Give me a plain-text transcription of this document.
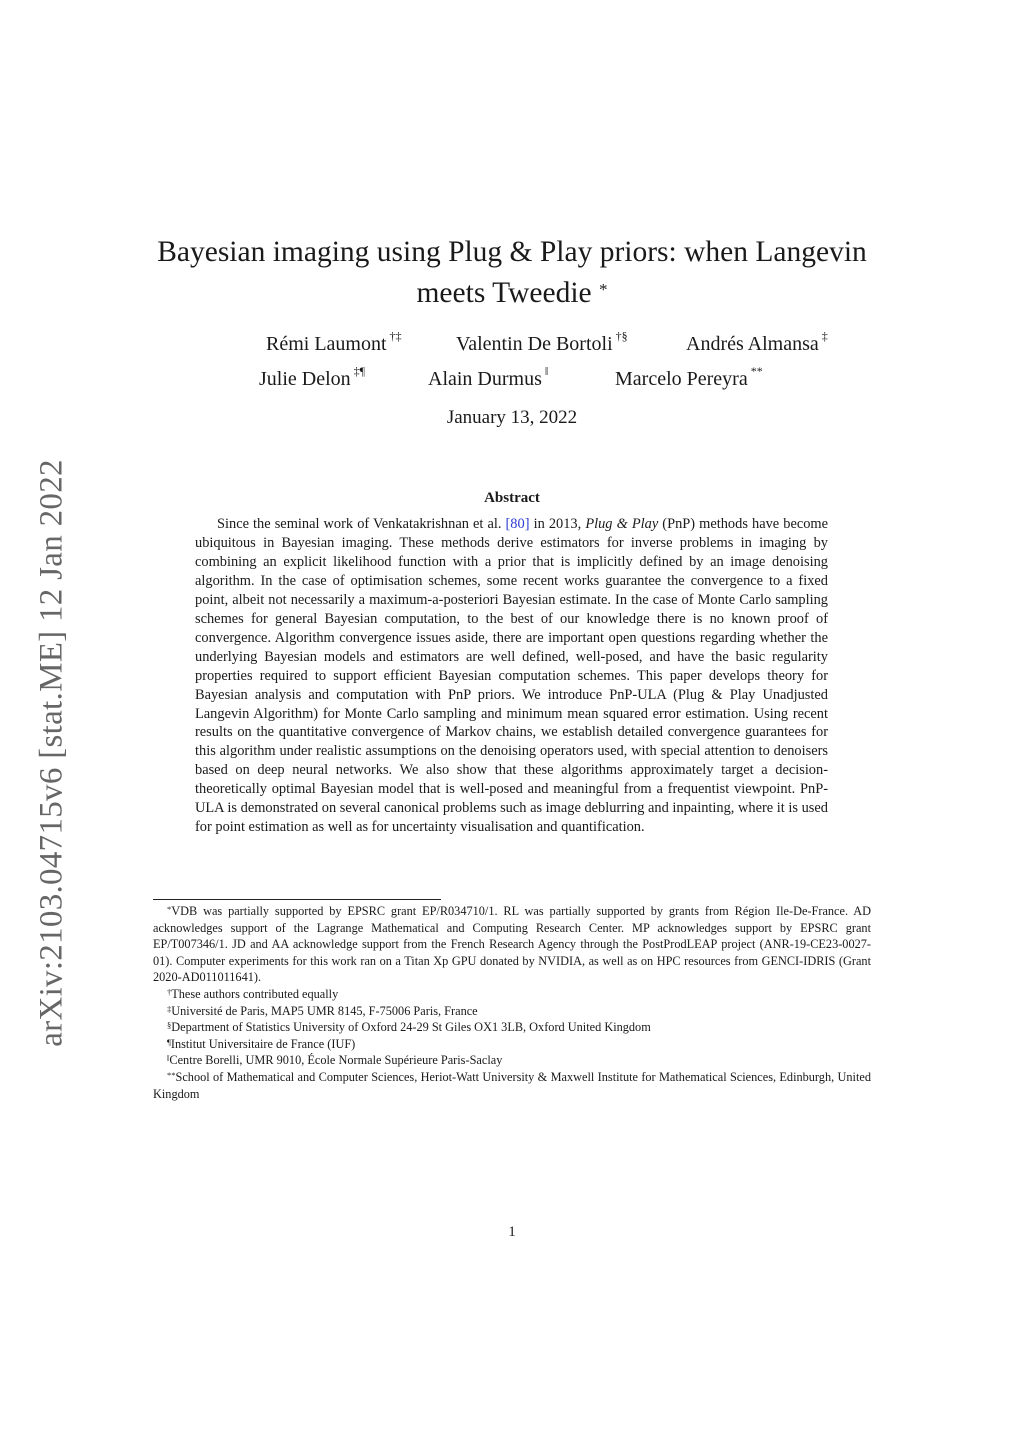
arXiv:2103.04715v6 [stat.ME] 12 Jan 2022
Bayesian imaging using Plug & Play priors: when Langevin
meets Tweedie *
Rémi Laumont †‡	Valentin De Bortoli †§	Andrés Almansa ‡
Julie Delon ‡¶	Alain Durmus ‖	Marcelo Pereyra **
January 13, 2022
Abstract

Since the seminal work of Venkatakrishnan et al. [80] in 2013, Plug & Play (PnP) methods have become ubiquitous in Bayesian imaging. These methods derive estimators for inverse problems in imaging by combining an explicit likelihood function with a prior that is implicitly defined by an image denoising algorithm. In the case of optimisation schemes, some recent works guarantee the convergence to a fixed point, albeit not necessarily a maximum-a-posteriori Bayesian estimate. In the case of Monte Carlo sampling schemes for general Bayesian computation, to the best of our knowledge there is no known proof of convergence. Algorithm convergence issues aside, there are important open questions regarding whether the underlying Bayesian models and estimators are well defined, well-posed, and have the basic regularity properties required to support efficient Bayesian computation schemes. This paper develops theory for Bayesian analysis and computation with PnP priors. We introduce PnP-ULA (Plug & Play Unadjusted Langevin Algorithm) for Monte Carlo sampling and minimum mean squared error estimation. Using recent results on the quantitative convergence of Markov chains, we establish detailed convergence guarantees for this algorithm under realistic assumptions on the denoising operators used, with special attention to denoisers based on deep neural networks. We also show that these algorithms approximately target a decision-theoretically optimal Bayesian model that is well-posed and meaningful from a frequentist viewpoint. PnP-ULA is demonstrated on several canonical problems such as image deblurring and inpainting, where it is used for point estimation as well as for uncertainty visualisation and quantification.

*VDB was partially supported by EPSRC grant EP/R034710/1. RL was partially supported by grants from Région Ile-De-France. AD acknowledges support of the Lagrange Mathematical and Computing Research Center. MP acknowledges support by EPSRC grant EP/T007346/1. JD and AA acknowledge support from the French Research Agency through the PostProdLEAP project (ANR-19-CE23-0027-01). Computer experiments for this work ran on a Titan Xp GPU donated by NVIDIA, as well as on HPC resources from GENCI-IDRIS (Grant 2020-AD011011641).

†These authors contributed equally

‡Université de Paris, MAP5 UMR 8145, F-75006 Paris, France

§Department of Statistics University of Oxford 24-29 St Giles OX1 3LB, Oxford United Kingdom

¶Institut Universitaire de France (IUF)

‖Centre Borelli, UMR 9010, École Normale Supérieure Paris-Saclay

**School of Mathematical and Computer Sciences, Heriot-Watt University & Maxwell Institute for Mathematical Sciences, Edinburgh, United Kingdom

1
